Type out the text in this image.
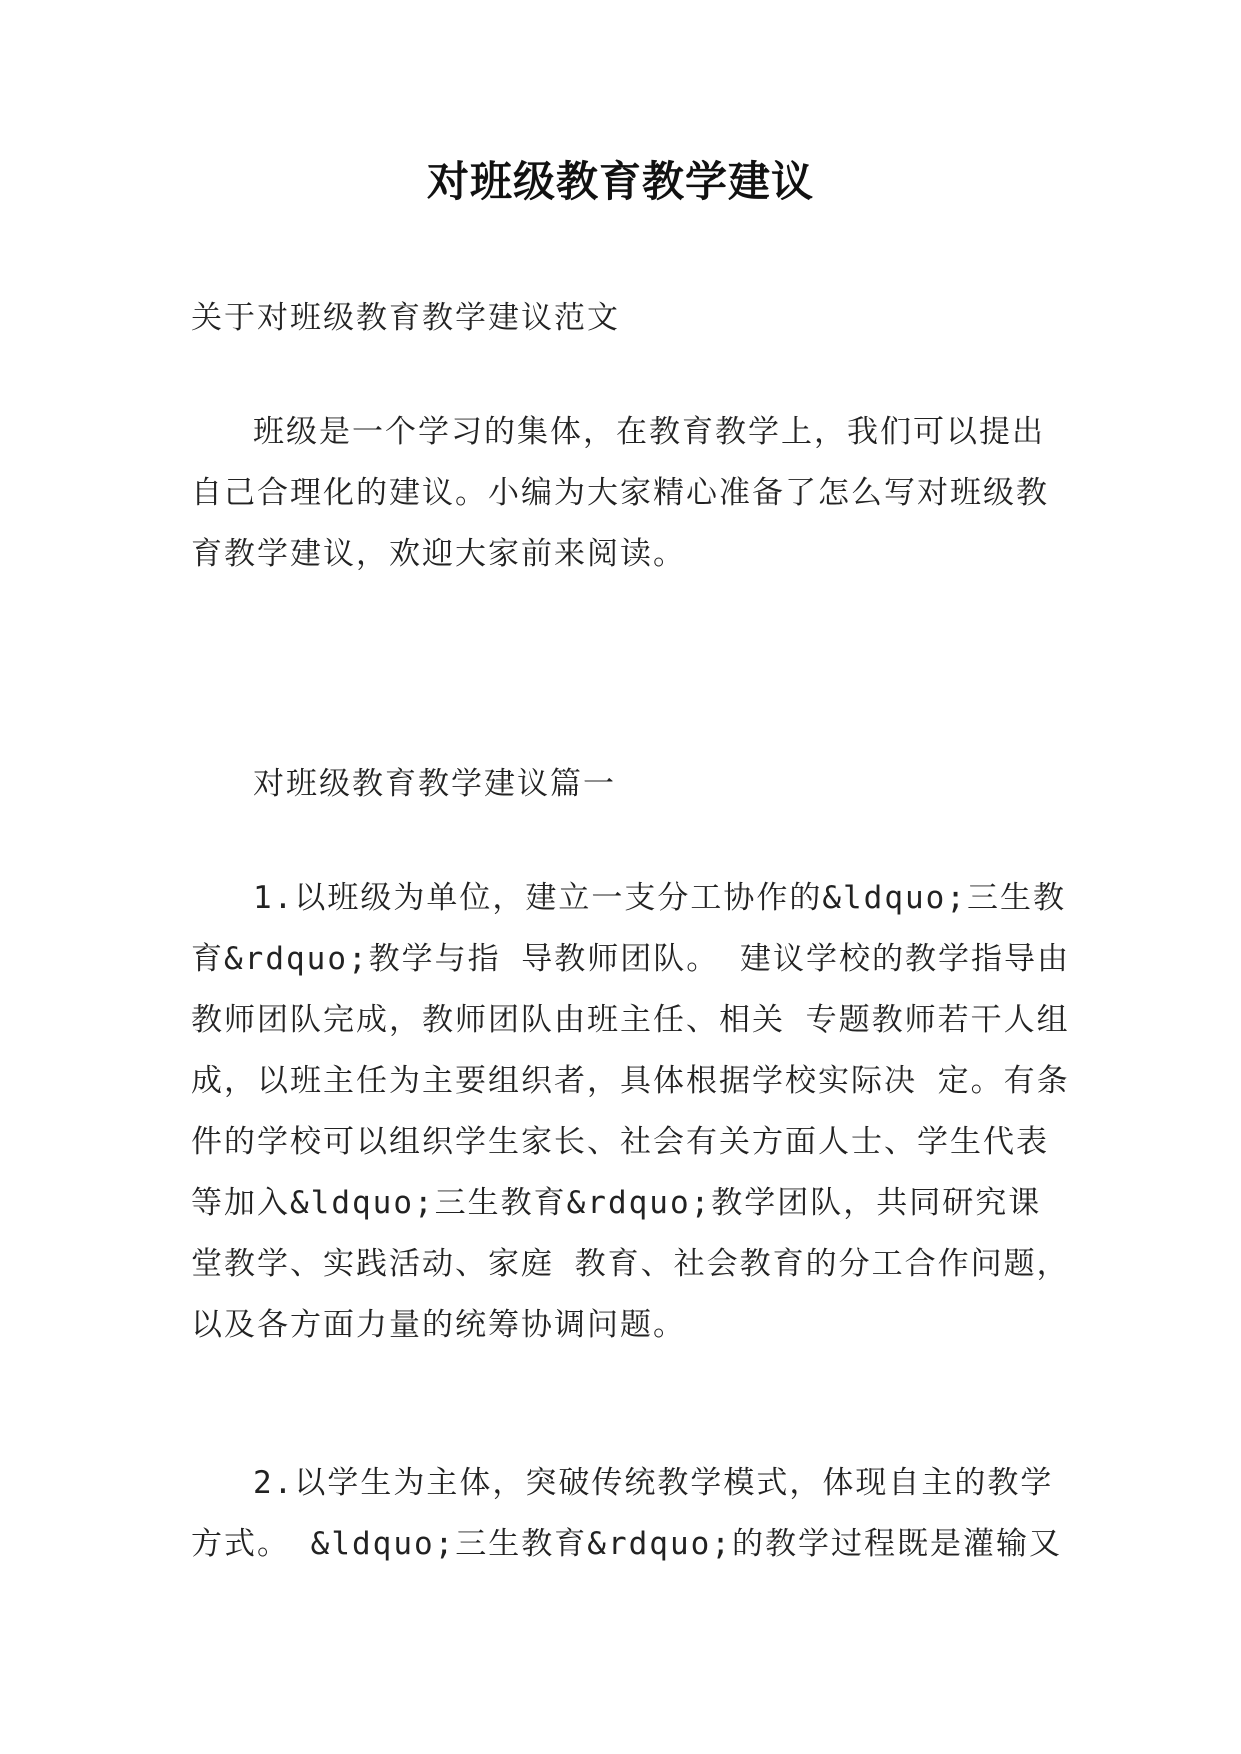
对班级教育教学建议

关于对班级教育教学建议范文

班级是一个学习的集体，在教育教学上，我们可以提出自己合理化的建议。小编为大家精心准备了怎么写对班级教育教学建议，欢迎大家前来阅读。

对班级教育教学建议篇一

1.以班级为单位，建立一支分工协作的&ldquo;三生教育&rdquo;教学与指 导教师团队。 建议学校的教学指导由教师团队完成，教师团队由班主任、相关 专题教师若干人组成，以班主任为主要组织者，具体根据学校实际决 定。有条件的学校可以组织学生家长、社会有关方面人士、学生代表 等加入&ldquo;三生教育&rdquo;教学团队，共同研究课堂教学、实践活动、家庭 教育、社会教育的分工合作问题，以及各方面力量的统筹协调问题。

2.以学生为主体，突破传统教学模式，体现自主的教学方式。 &ldquo;三生教育&rdquo;的教学过程既是灌输又
